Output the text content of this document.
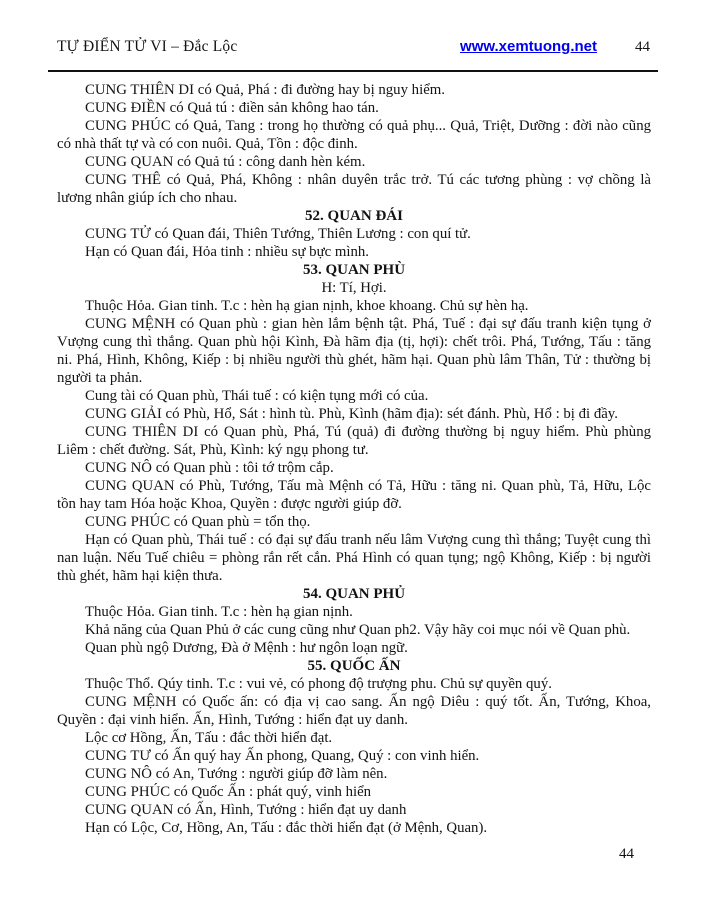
TỰ ĐIỂN TỬ VI – Đắc Lộc	www.xemtuong.net	44

CUNG THIÊN DI có Quả, Phá : đi đường hay bị nguy hiểm.

CUNG ĐIỀN có Quả tú : điền sản không hao tán.

CUNG PHÚC có Quả, Tang : trong họ thường có quả phụ... Quả, Triệt, Dưỡng : đời nào cũng có nhà thất tự và có con nuôi. Quả, Tồn : độc đinh.

CUNG QUAN có Quả tú : công danh hèn kém.

CUNG THÊ có Quả, Phá, Không : nhân duyên trắc trở. Tú các tương phùng : vợ chồng là lương nhân giúp ích cho nhau.

52. QUAN ĐÁI

CUNG TỬ có Quan đái, Thiên Tướng, Thiên Lương : con quí tử.

Hạn có Quan đái, Hỏa tinh : nhiều sự bực mình.

53. QUAN PHÙ

H: Tí, Hợi.

Thuộc Hỏa. Gian tinh. T.c : hèn hạ gian nịnh, khoe khoang. Chủ sự hèn hạ.

CUNG MỆNH có Quan phù : gian hèn lắm bệnh tật. Phá, Tuế : đại sự đấu tranh kiện tụng ở Vượng cung thì thắng. Quan phù hội Kình, Đà hãm địa (tị, hợi): chết trôi. Phá, Tướng, Tấu : tăng ni. Phá, Hình, Không, Kiếp : bị nhiều người thù ghét, hãm hại. Quan phù lâm Thân, Tử : thường bị người ta phản.

Cung tài có Quan phù, Thái tuế : có kiện tụng mới có của.

CUNG GIẢI có Phù, Hổ, Sát : hình tù. Phù, Kình (hãm địa): sét đánh. Phù, Hổ : bị đi đầy.

CUNG THIÊN DI có Quan phù, Phá, Tú (quả) đi đường thường bị nguy hiểm. Phù phùng Liêm : chết đường. Sát, Phù, Kình: ký ngụ phong tư.

CUNG NÔ có Quan phù : tôi tớ trộm cắp.

CUNG QUAN có Phù, Tướng, Tấu mà Mệnh có Tả, Hữu : tăng ni. Quan phù, Tả, Hữu, Lộc tồn hay tam Hóa hoặc Khoa, Quyền : được người giúp đỡ.

CUNG PHÚC có Quan phù = tổn thọ.

Hạn có Quan phù, Thái tuế : có đại sự đấu tranh nếu lâm Vượng cung thì thắng; Tuyệt cung thì nan luận. Nếu Tuế chiêu = phòng rắn rết cắn. Phá Hình có quan tụng; ngộ Không, Kiếp : bị người thù ghét, hãm hại kiện thưa.

54. QUAN PHỦ

Thuộc Hỏa. Gian tinh. T.c : hèn hạ gian nịnh.

Khả năng của Quan Phủ ở các cung cũng như Quan ph2. Vậy hãy coi mục nói về Quan phù.

Quan phù ngộ Dương, Đà ở Mệnh : hư ngôn loạn ngữ.

55. QUỐC ẤN

Thuộc Thổ. Qúy tinh. T.c : vui vẻ, có phong độ trượng phu. Chủ sự quyền quý.

CUNG MỆNH có Quốc ấn: có địa vị cao sang. Ấn ngộ Diêu : quý tốt. Ấn, Tướng, Khoa, Quyền : đại vinh hiển. Ấn, Hình, Tướng : hiển đạt uy danh.

Lộc cơ Hồng, Ấn, Tấu : đắc thời hiển đạt.

CUNG TƯ có Ấn quý hay Ấn phong, Quang, Quý : con vinh hiển.

CUNG NÔ có An, Tướng : người giúp đỡ làm nên.

CUNG PHÚC có Quốc Ấn : phát quý, vinh hiển

CUNG QUAN có Ấn, Hình, Tướng : hiển đạt uy danh

Hạn có Lộc, Cơ, Hồng, An, Tấu : đắc thời hiển đạt (ở Mệnh, Quan).

44
